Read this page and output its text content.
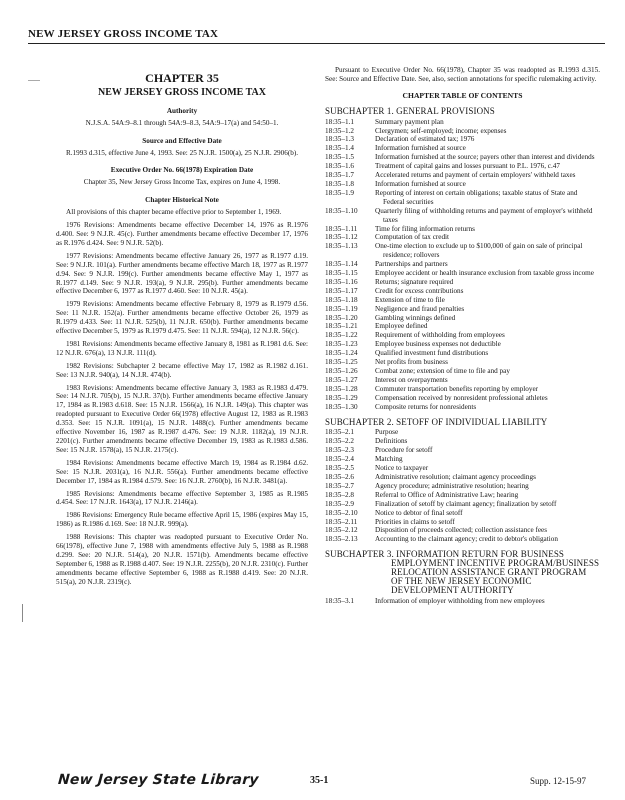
NEW JERSEY GROSS INCOME TAX
CHAPTER 35
NEW JERSEY GROSS INCOME TAX
Authority

N.J.S.A. 54A:9–8.1 through 54A:9–8.3, 54A:9–17(a) and 54:50–1.

Source and Effective Date

R.1993 d.315, effective June 4, 1993. See: 25 N.J.R. 1500(a), 25 N.J.R. 2906(b).

Executive Order No. 66(1978) Expiration Date

Chapter 35, New Jersey Gross Income Tax, expires on June 4, 1998.

Chapter Historical Note

All provisions of this chapter became effective prior to September 1, 1969.

1976 Revisions: Amendments became effective December 14, 1976 as R.1976 d.400. See: 9 N.J.R. 45(c). Further amendments became effective December 17, 1976 as R.1976 d.424. See: 9 N.J.R. 52(b).

1977 Revisions: Amendments became effective January 26, 1977 as R.1977 d.19. See: 9 N.J.R. 101(a). Further amendments became effective March 18, 1977 as R.1977 d.94. See: 9 N.J.R. 199(c). Further amendments became effective May 1, 1977 as R.1977 d.149. See: 9 N.J.R. 193(a), 9 N.J.R. 295(b). Further amendments became effective December 6, 1977 as R.1977 d.460. See: 10 N.J.R. 45(a).

1979 Revisions: Amendments became effective February 8, 1979 as R.1979 d.56. See: 11 N.J.R. 152(a). Further amendments became effective October 26, 1979 as R.1979 d.433. See: 11 N.J.R. 525(b), 11 N.J.R. 650(b). Further amendments became effective December 5, 1979 as R.1979 d.475. See: 11 N.J.R. 594(a), 12 N.J.R. 56(c).

1981 Revisions: Amendments became effective January 8, 1981 as R.1981 d.6. See: 12 N.J.R. 676(a), 13 N.J.R. 111(d).

1982 Revisions: Subchapter 2 became effective May 17, 1982 as R.1982 d.161. See: 13 N.J.R. 940(a), 14 N.J.R. 474(b).

1983 Revisions: Amendments became effective January 3, 1983 as R.1983 d.479. See: 14 N.J.R. 705(b), 15 N.J.R. 37(b). Further amendments became effective January 17, 1984 as R.1983 d.618. See: 15 N.J.R. 1566(a), 16 N.J.R. 149(a). This chapter was readopted pursuant to Executive Order 66(1978) effective August 12, 1983 as R.1983 d.353. See: 15 N.J.R. 1091(a), 15 N.J.R. 1488(c). Further amendments became effective November 16, 1987 as R.1987 d.476. See: 19 N.J.R. 1182(a), 19 N.J.R. 2201(c). Further amendments became effective December 19, 1983 as R.1983 d.586. See: 15 N.J.R. 1578(a), 15 N.J.R. 2175(c).

1984 Revisions: Amendments became effective March 19, 1984 as R.1984 d.62. See: 15 N.J.R. 2031(a), 16 N.J.R. 556(a). Further amendments became effective December 17, 1984 as R.1984 d.579. See: 16 N.J.R. 2760(b), 16 N.J.R. 3481(a).

1985 Revisions: Amendments became effective September 3, 1985 as R.1985 d.454. See: 17 N.J.R. 1643(a), 17 N.J.R. 2146(a).

1986 Revisions: Emergency Rule became effective April 15, 1986 (expires May 15, 1986) as R.1986 d.169. See: 18 N.J.R. 999(a).

1988 Revisions: This chapter was readopted pursuant to Executive Order No. 66(1978), effective June 7, 1988 with amendments effective July 5, 1988 as R.1988 d.299. See: 20 N.J.R. 514(a), 20 N.J.R. 1571(b). Amendments became effective September 6, 1988 as R.1988 d.407. See: 19 N.J.R. 2255(b), 20 N.J.R. 2310(c). Further amendments became effective September 6, 1988 as R.1988 d.419. See: 20 N.J.R. 515(a), 20 N.J.R. 2319(c).

Pursuant to Executive Order No. 66(1978), Chapter 35 was readopted as R.1993 d.315. See: Source and Effective Date. See, also, section annotations for specific rulemaking activity.

CHAPTER TABLE OF CONTENTS
SUBCHAPTER 1. GENERAL PROVISIONS
18:35–1.1	Summary payment plan
18:35–1.2	Clergymen; self-employed; income; expenses
18:35–1.3	Declaration of estimated tax; 1976
18:35–1.4	Information furnished at source
18:35–1.5	Information furnished at the source; payers other than interest and dividends
18:35–1.6	Treatment of capital gains and losses pursuant to P.L. 1976, c.47
18:35–1.7	Accelerated returns and payment of certain employers' withheld taxes
18:35–1.8	Information furnished at source
18:35–1.9	Reporting of interest on certain obligations; taxable status of State and Federal securities
18:35–1.10	Quarterly filing of withholding returns and payment of employer's withheld taxes
18:35–1.11	Time for filing information returns
18:35–1.12	Computation of tax credit
18:35–1.13	One-time election to exclude up to $100,000 of gain on sale of principal residence; rollovers
18:35–1.14	Partnerships and partners
18:35–1.15	Employee accident or health insurance exclusion from taxable gross income
18:35–1.16	Returns; signature required
18:35–1.17	Credit for excess contributions
18:35–1.18	Extension of time to file
18:35–1.19	Negligence and fraud penalties
18:35–1.20	Gambling winnings defined
18:35–1.21	Employee defined
18:35–1.22	Requirement of withholding from employees
18:35–1.23	Employee business expenses not deductible
18:35–1.24	Qualified investment fund distributions
18:35–1.25	Net profits from business
18:35–1.26	Combat zone; extension of time to file and pay
18:35–1.27	Interest on overpayments
18:35–1.28	Commuter transportation benefits reporting by employer
18:35–1.29	Compensation received by nonresident professional athletes
18:35–1.30	Composite returns for nonresidents
SUBCHAPTER 2. SETOFF OF INDIVIDUAL LIABILITY
18:35–2.1	Purpose
18:35–2.2	Definitions
18:35–2.3	Procedure for setoff
18:35–2.4	Matching
18:35–2.5	Notice to taxpayer
18:35–2.6	Administrative resolution; claimant agency proceedings
18:35–2.7	Agency procedure; administrative resolution; hearing
18:35–2.8	Referral to Office of Administrative Law; hearing
18:35–2.9	Finalization of setoff by claimant agency; finalization by setoff
18:35–2.10	Notice to debtor of final setoff
18:35–2.11	Priorities in claims to setoff
18:35–2.12	Disposition of proceeds collected; collection assistance fees
18:35–2.13	Accounting to the claimant agency; credit to debtor's obligation
SUBCHAPTER 3. INFORMATION RETURN FOR BUSINESS EMPLOYMENT INCENTIVE PROGRAM/BUSINESS RELOCATION ASSISTANCE GRANT PROGRAM OF THE NEW JERSEY ECONOMIC DEVELOPMENT AUTHORITY
18:35–3.1	Information of employer withholding from new employees
New Jersey State Library	35-1	Supp. 12-15-97
